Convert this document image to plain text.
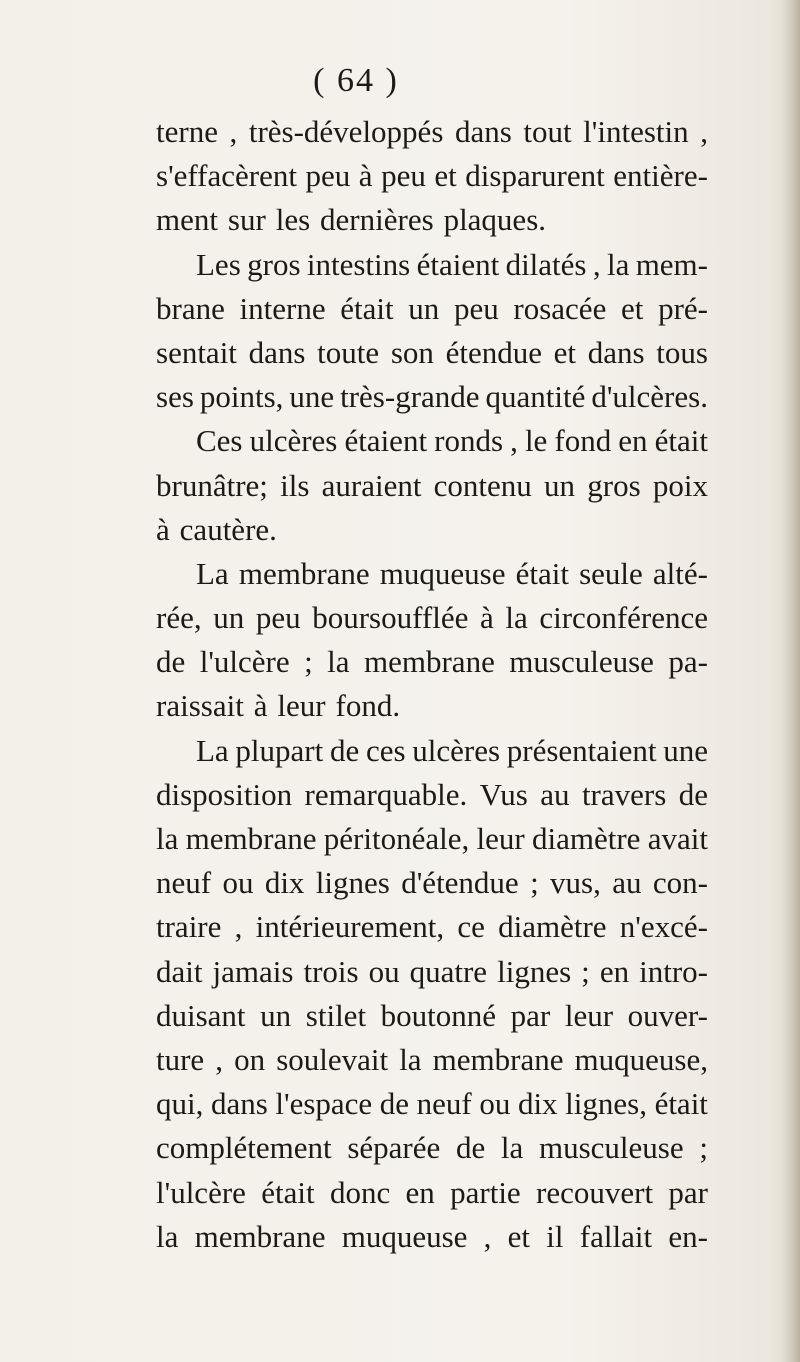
( 64 )
terne , très-développés dans tout l'intestin ,
s'effacèrent peu à peu et disparurent entière-
ment sur les dernières plaques.
Les gros intestins étaient dilatés , la mem-
brane interne était un peu rosacée et pré-
sentait dans toute son étendue et dans tous
ses points, une très-grande quantité d'ulcères.
Ces ulcères étaient ronds , le fond en était
brunâtre; ils auraient contenu un gros poix
à cautère.
La membrane muqueuse était seule alté-
rée, un peu boursoufflée à la circonférence
de l'ulcère ; la membrane musculeuse pa-
raissait à leur fond.
La plupart de ces ulcères présentaient une
disposition remarquable. Vus au travers de
la membrane péritonéale, leur diamètre avait
neuf ou dix lignes d'étendue ; vus, au con-
traire , intérieurement, ce diamètre n'excé-
dait jamais trois ou quatre lignes ; en intro-
duisant un stilet boutonné par leur ouver-
ture , on soulevait la membrane muqueuse,
qui, dans l'espace de neuf ou dix lignes, était
complétement séparée de la musculeuse ;
l'ulcère était donc en partie recouvert par
la membrane muqueuse , et il fallait en-
